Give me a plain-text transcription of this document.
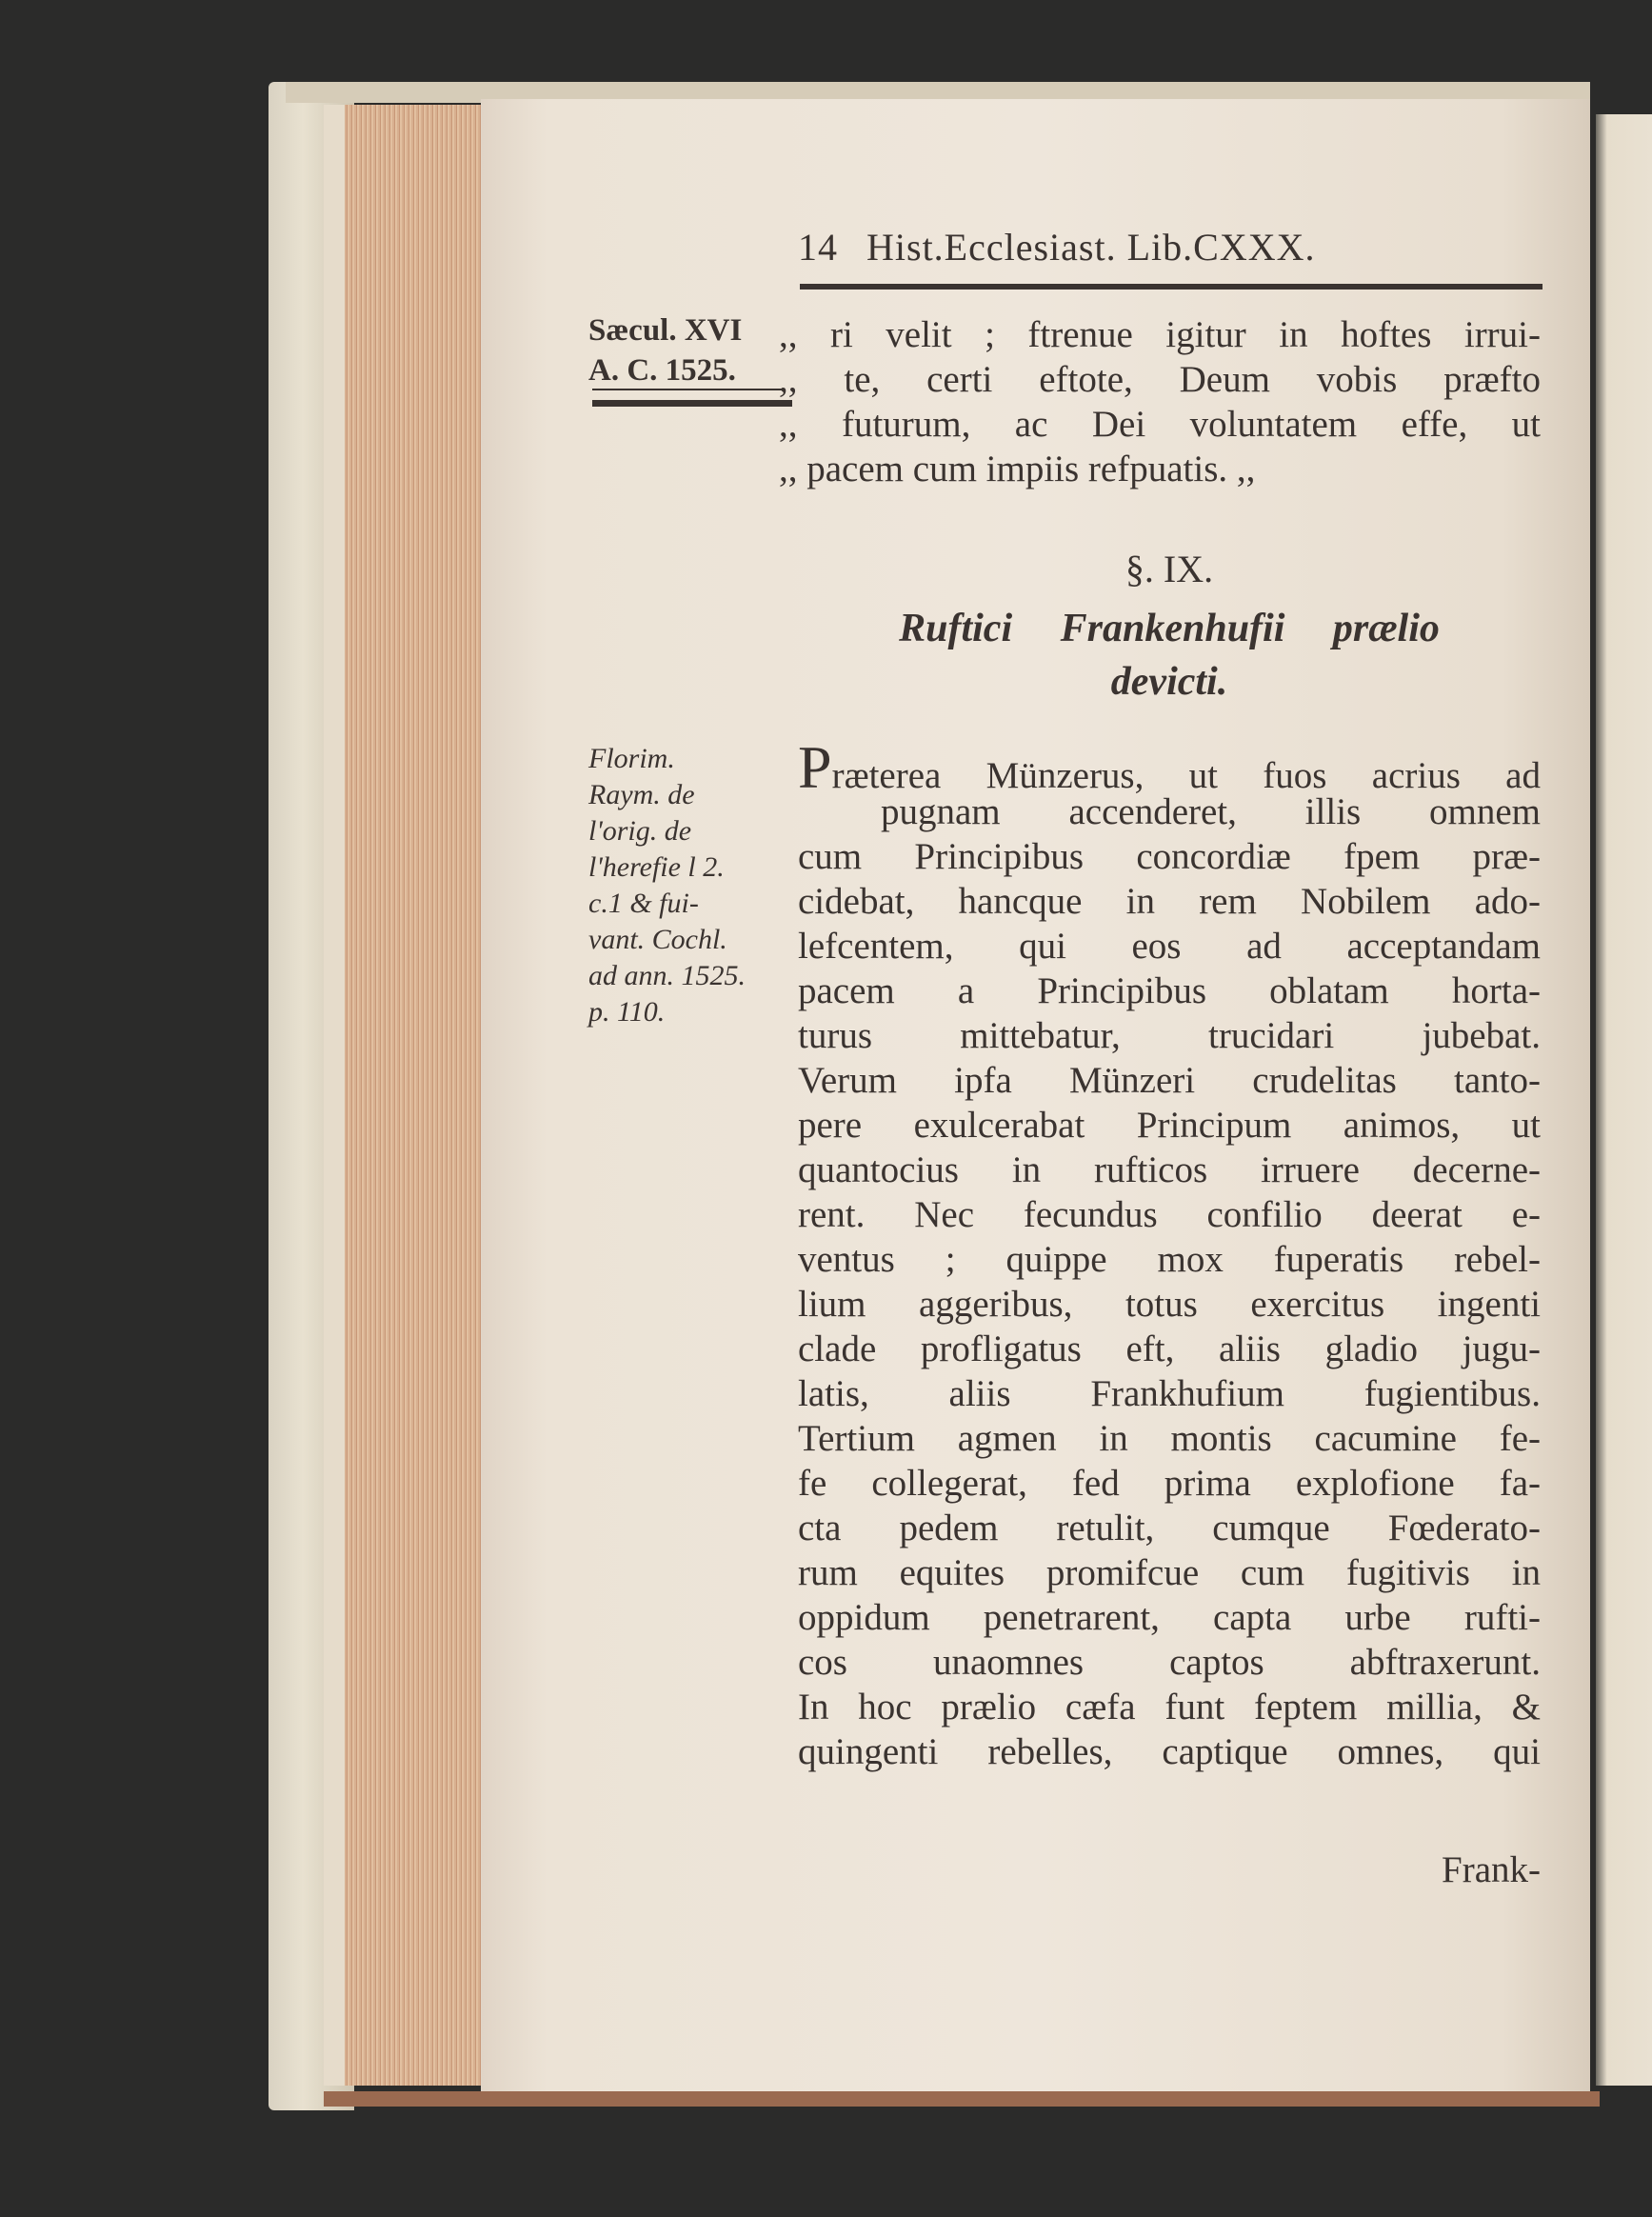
14 Hist.Ecclesiast. Lib.CXXX.
Sæcul. XVI
A. C. 1525.
,, ri velit ; ftrenue igitur in hoftes irrui-
,, te, certi eftote, Deum vobis præfto
,, futurum, ac Dei voluntatem effe, ut
,, pacem cum impiis refpuatis. ,,
§. IX.
Ruftici Frankenhufii prælio
devicti.
Florim.
Raym. de
l'orig. de
l'herefie l 2.
c.1 & fui-
vant. Cochl.
ad ann. 1525.
p. 110.
Præterea Münzerus, ut fuos acrius ad
pugnam accenderet, illis omnem
cum Principibus concordiæ fpem præ-
cidebat, hancque in rem Nobilem ado-
lefcentem, qui eos ad acceptandam
pacem a Principibus oblatam horta-
turus mittebatur, trucidari jubebat.
Verum ipfa Münzeri crudelitas tanto-
pere exulcerabat Principum animos, ut
quantocius in rufticos irruere decerne-
rent. Nec fecundus confilio deerat e-
ventus ; quippe mox fuperatis rebel-
lium aggeribus, totus exercitus ingenti
clade profligatus eft, aliis gladio jugu-
latis, aliis Frankhufium fugientibus.
Tertium agmen in montis cacumine fe-
fe collegerat, fed prima explofione fa-
cta pedem retulit, cumque Fœderato-
rum equites promifcue cum fugitivis in
oppidum penetrarent, capta urbe rufti-
cos unaomnes captos abftraxerunt.
In hoc prælio cæfa funt feptem millia, &
quingenti rebelles, captique omnes, qui
Frank-
